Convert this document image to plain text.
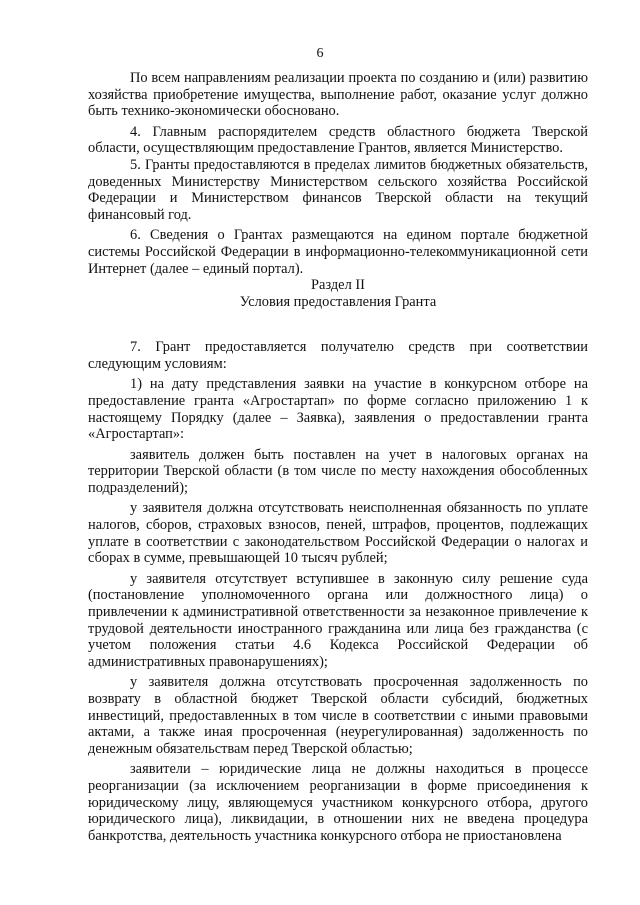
6

По всем направлениям реализации проекта по созданию и (или) развитию хозяйства приобретение имущества, выполнение работ, оказание услуг должно быть технико-экономически обосновано.

4. Главным распорядителем средств областного бюджета Тверской области, осуществляющим предоставление Грантов, является Министерство.

5. Гранты предоставляются в пределах лимитов бюджетных обязательств, доведенных Министерству Министерством сельского хозяйства Российской Федерации и Министерством финансов Тверской области на текущий финансовый год.

6. Сведения о Грантах размещаются на едином портале бюджетной системы Российской Федерации в информационно-телекоммуникационной сети Интернет (далее – единый портал).

Раздел II

Условия предоставления Гранта

7. Грант предоставляется получателю средств при соответствии следующим условиям:

1) на дату представления заявки на участие в конкурсном отборе на предоставление гранта «Агростартап» по форме согласно приложению 1 к настоящему Порядку (далее – Заявка), заявления о предоставлении гранта «Агростартап»:

заявитель должен быть поставлен на учет в налоговых органах на территории Тверской области (в том числе по месту нахождения обособленных подразделений);

у заявителя должна отсутствовать неисполненная обязанность по уплате налогов, сборов, страховых взносов, пеней, штрафов, процентов, подлежащих уплате в соответствии с законодательством Российской Федерации о налогах и сборах в сумме, превышающей 10 тысяч рублей;

у заявителя отсутствует вступившее в законную силу решение суда (постановление уполномоченного органа или должностного лица) о привлечении к административной ответственности за незаконное привлечение к трудовой деятельности иностранного гражданина или лица без гражданства (с учетом положения статьи 4.6 Кодекса Российской Федерации об административных правонарушениях);

у заявителя должна отсутствовать просроченная задолженность по возврату в областной бюджет Тверской области субсидий, бюджетных инвестиций, предоставленных в том числе в соответствии с иными правовыми актами, а также иная просроченная (неурегулированная) задолженность по денежным обязательствам перед Тверской областью;

заявители – юридические лица не должны находиться в процессе реорганизации (за исключением реорганизации в форме присоединения к юридическому лицу, являющемуся участником конкурсного отбора, другого юридического лица), ликвидации, в отношении них не введена процедура банкротства, деятельность участника конкурсного отбора не приостановлена
